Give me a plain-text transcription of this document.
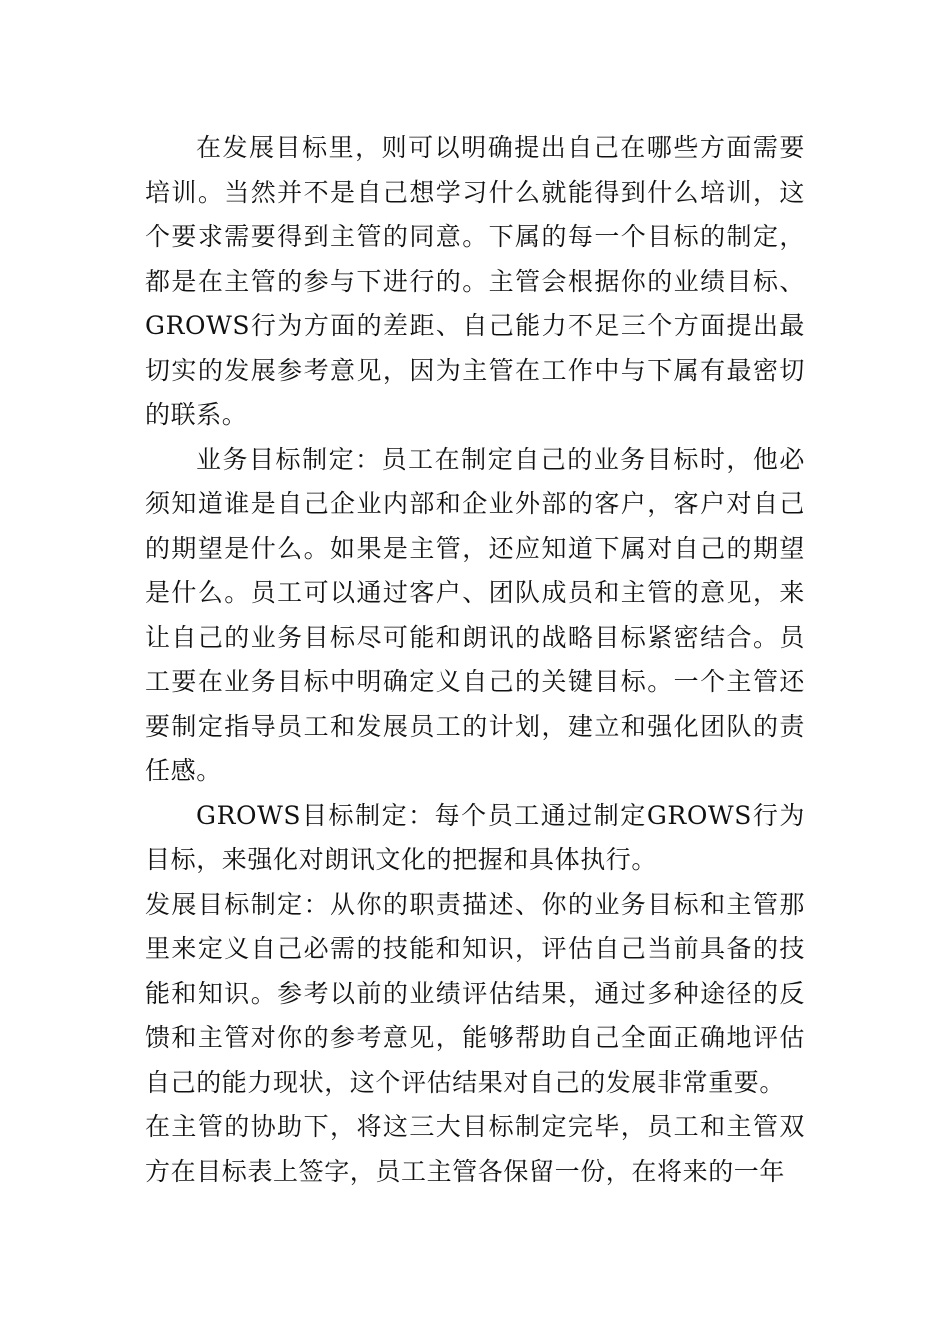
在发展目标里，则可以明确提出自己在哪些方面需要培训。当然并不是自己想学习什么就能得到什么培训，这个要求需要得到主管的同意。下属的每一个目标的制定，都是在主管的参与下进行的。主管会根据你的业绩目标、GROWS行为方面的差距、自己能力不足三个方面提出最切实的发展参考意见，因为主管在工作中与下属有最密切的联系。

业务目标制定：员工在制定自己的业务目标时，他必须知道谁是自己企业内部和企业外部的客户，客户对自己的期望是什么。如果是主管，还应知道下属对自己的期望是什么。员工可以通过客户、团队成员和主管的意见，来让自己的业务目标尽可能和朗讯的战略目标紧密结合。员工要在业务目标中明确定义自己的关键目标。一个主管还要制定指导员工和发展员工的计划，建立和强化团队的责任感。

GROWS目标制定：每个员工通过制定GROWS行为目标，来强化对朗讯文化的把握和具体执行。

发展目标制定：从你的职责描述、你的业务目标和主管那里来定义自己必需的技能和知识，评估自己当前具备的技能和知识。参考以前的业绩评估结果，通过多种途径的反馈和主管对你的参考意见，能够帮助自己全面正确地评估自己的能力现状，这个评估结果对自己的发展非常重要。

在主管的协助下，将这三大目标制定完毕，员工和主管双方在目标表上签字，员工主管各保留一份，在将来的一年
